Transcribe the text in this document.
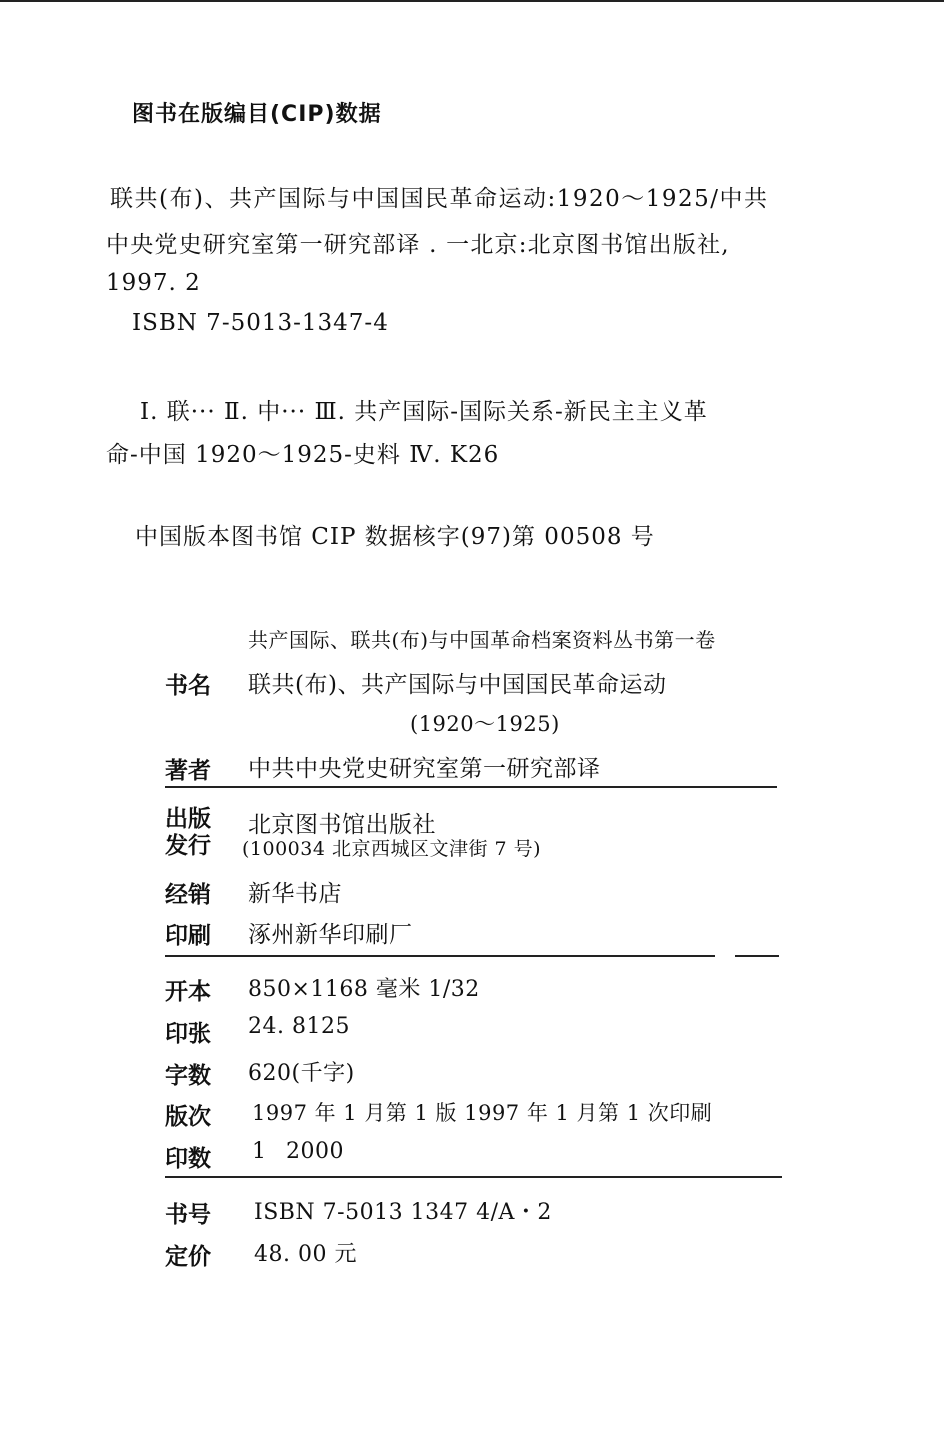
图书在版编目(CIP)数据
联共(布)、共产国际与中国国民革命运动:1920～1925/中共
中央党史研究室第一研究部译 . 一北京:北京图书馆出版社,
1997. 2
ISBN 7-5013-1347-4
Ⅰ. 联··· Ⅱ. 中··· Ⅲ. 共产国际-国际关系-新民主主义革
命-中国 1920～1925-史料 Ⅳ. K26
中国版本图书馆 CIP 数据核字(97)第 00508 号
共产国际、联共(布)与中国革命档案资料丛书第一卷
书名 联共(布)、共产国际与中国国民革命运动
(1920～1925)
著者 中共中央党史研究室第一研究部译
出版
发行
北京图书馆出版社
(100034 北京西城区文津街 7 号)
经销 新华书店
印刷 涿州新华印刷厂
开本 850×1168 毫米 1/32
印张 24. 8125
字数 620(千字)
版次 1997 年 1 月第 1 版 1997 年 1 月第 1 次印刷
印数 1 2000
书号 ISBN 7-5013 1347 4/A・2
定价 48. 00 元
